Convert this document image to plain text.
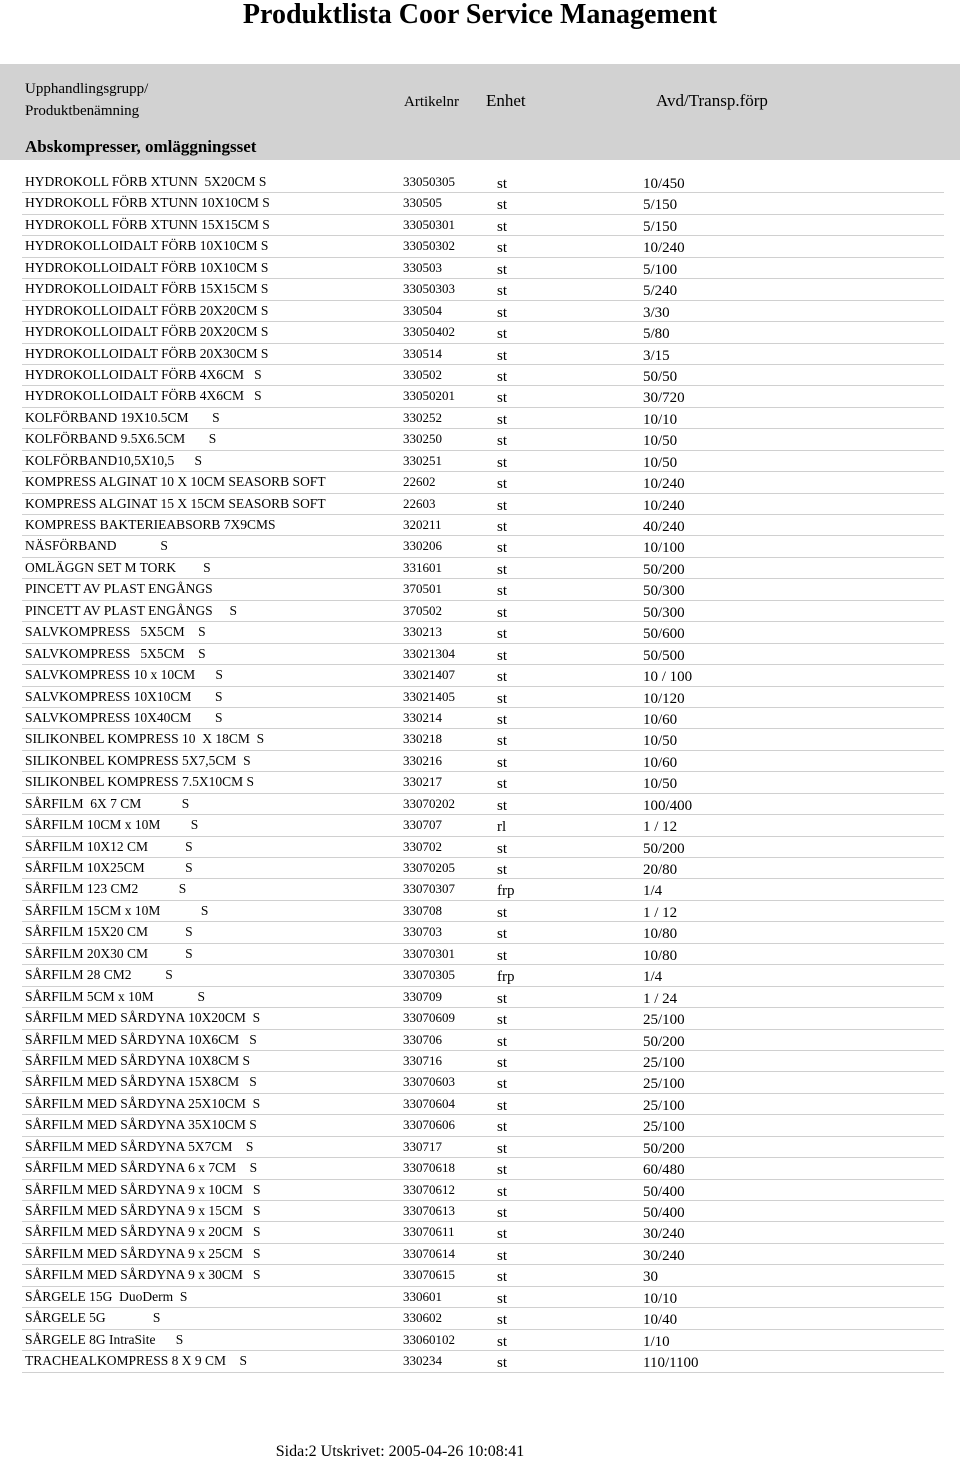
Produktlista Coor Service Management
Upphandlingsgrupp/
Produktbenämning
Artikelnr Enhet	Avd/Transp.förp
Abskompresser, omläggningsset
HYDROKOLL FÖRB XTUNN  5X20CM S	33050305	st	10/450
HYDROKOLL FÖRB XTUNN 10X10CM S	330505	st	5/150
HYDROKOLL FÖRB XTUNN 15X15CM S	33050301	st	5/150
HYDROKOLLOIDALT FÖRB 10X10CM S	33050302	st	10/240
HYDROKOLLOIDALT FÖRB 10X10CM S	330503	st	5/100
HYDROKOLLOIDALT FÖRB 15X15CM S	33050303	st	5/240
HYDROKOLLOIDALT FÖRB 20X20CM S	330504	st	3/30
HYDROKOLLOIDALT FÖRB 20X20CM S	33050402	st	5/80
HYDROKOLLOIDALT FÖRB 20X30CM S	330514	st	3/15
HYDROKOLLOIDALT FÖRB 4X6CM   S	330502	st	50/50
HYDROKOLLOIDALT FÖRB 4X6CM   S	33050201	st	30/720
KOLFÖRBAND 19X10.5CM       S	330252	st	10/10
KOLFÖRBAND 9.5X6.5CM       S	330250	st	10/50
KOLFÖRBAND10,5X10,5      S	330251	st	10/50
KOMPRESS ALGINAT 10 X 10CM SEASORB SOFT	22602	st	10/240
KOMPRESS ALGINAT 15 X 15CM SEASORB SOFT	22603	st	10/240
KOMPRESS BAKTERIEABSORB 7X9CMS	320211	st	40/240
NÄSFÖRBAND             S	330206	st	10/100
OMLÄGGN SET M TORK        S	331601	st	50/200
PINCETT AV PLAST ENGÅNGS	370501	st	50/300
PINCETT AV PLAST ENGÅNGS     S	370502	st	50/300
SALVKOMPRESS   5X5CM    S	330213	st	50/600
SALVKOMPRESS   5X5CM    S	33021304	st	50/500
SALVKOMPRESS 10 x 10CM      S	33021407	st	10 / 100
SALVKOMPRESS 10X10CM       S	33021405	st	10/120
SALVKOMPRESS 10X40CM       S	330214	st	10/60
SILIKONBEL KOMPRESS 10  X 18CM  S	330218	st	10/50
SILIKONBEL KOMPRESS 5X7,5CM  S	330216	st	10/60
SILIKONBEL KOMPRESS 7.5X10CM S	330217	st	10/50
SÅRFILM  6X 7 CM            S	33070202	st	100/400
SÅRFILM 10CM x 10M         S	330707	rl	1 / 12
SÅRFILM 10X12 CM           S	330702	st	50/200
SÅRFILM 10X25CM            S	33070205	st	20/80
SÅRFILM 123 CM2            S	33070307	frp	1/4
SÅRFILM 15CM x 10M            S	330708	st	1 / 12
SÅRFILM 15X20 CM           S	330703	st	10/80
SÅRFILM 20X30 CM           S	33070301	st	10/80
SÅRFILM 28 CM2          S	33070305	frp	1/4
SÅRFILM 5CM x 10M             S	330709	st	1 / 24
SÅRFILM MED SÅRDYNA 10X20CM  S	33070609	st	25/100
SÅRFILM MED SÅRDYNA 10X6CM   S	330706	st	50/200
SÅRFILM MED SÅRDYNA 10X8CM S	330716	st	25/100
SÅRFILM MED SÅRDYNA 15X8CM   S	33070603	st	25/100
SÅRFILM MED SÅRDYNA 25X10CM  S	33070604	st	25/100
SÅRFILM MED SÅRDYNA 35X10CM S	33070606	st	25/100
SÅRFILM MED SÅRDYNA 5X7CM    S	330717	st	50/200
SÅRFILM MED SÅRDYNA 6 x 7CM    S	33070618	st	60/480
SÅRFILM MED SÅRDYNA 9 x 10CM   S	33070612	st	50/400
SÅRFILM MED SÅRDYNA 9 x 15CM   S	33070613	st	50/400
SÅRFILM MED SÅRDYNA 9 x 20CM   S	33070611	st	30/240
SÅRFILM MED SÅRDYNA 9 x 25CM   S	33070614	st	30/240
SÅRFILM MED SÅRDYNA 9 x 30CM   S	33070615	st	30
SÅRGELE 15G  DuoDerm  S	330601	st	10/10
SÅRGELE 5G              S	330602	st	10/40
SÅRGELE 8G IntraSite      S	33060102	st	1/10
TRACHEALKOMPRESS 8 X 9 CM    S	330234	st	110/1100
Sida:2 Utskrivet: 2005-04-26 10:08:41
